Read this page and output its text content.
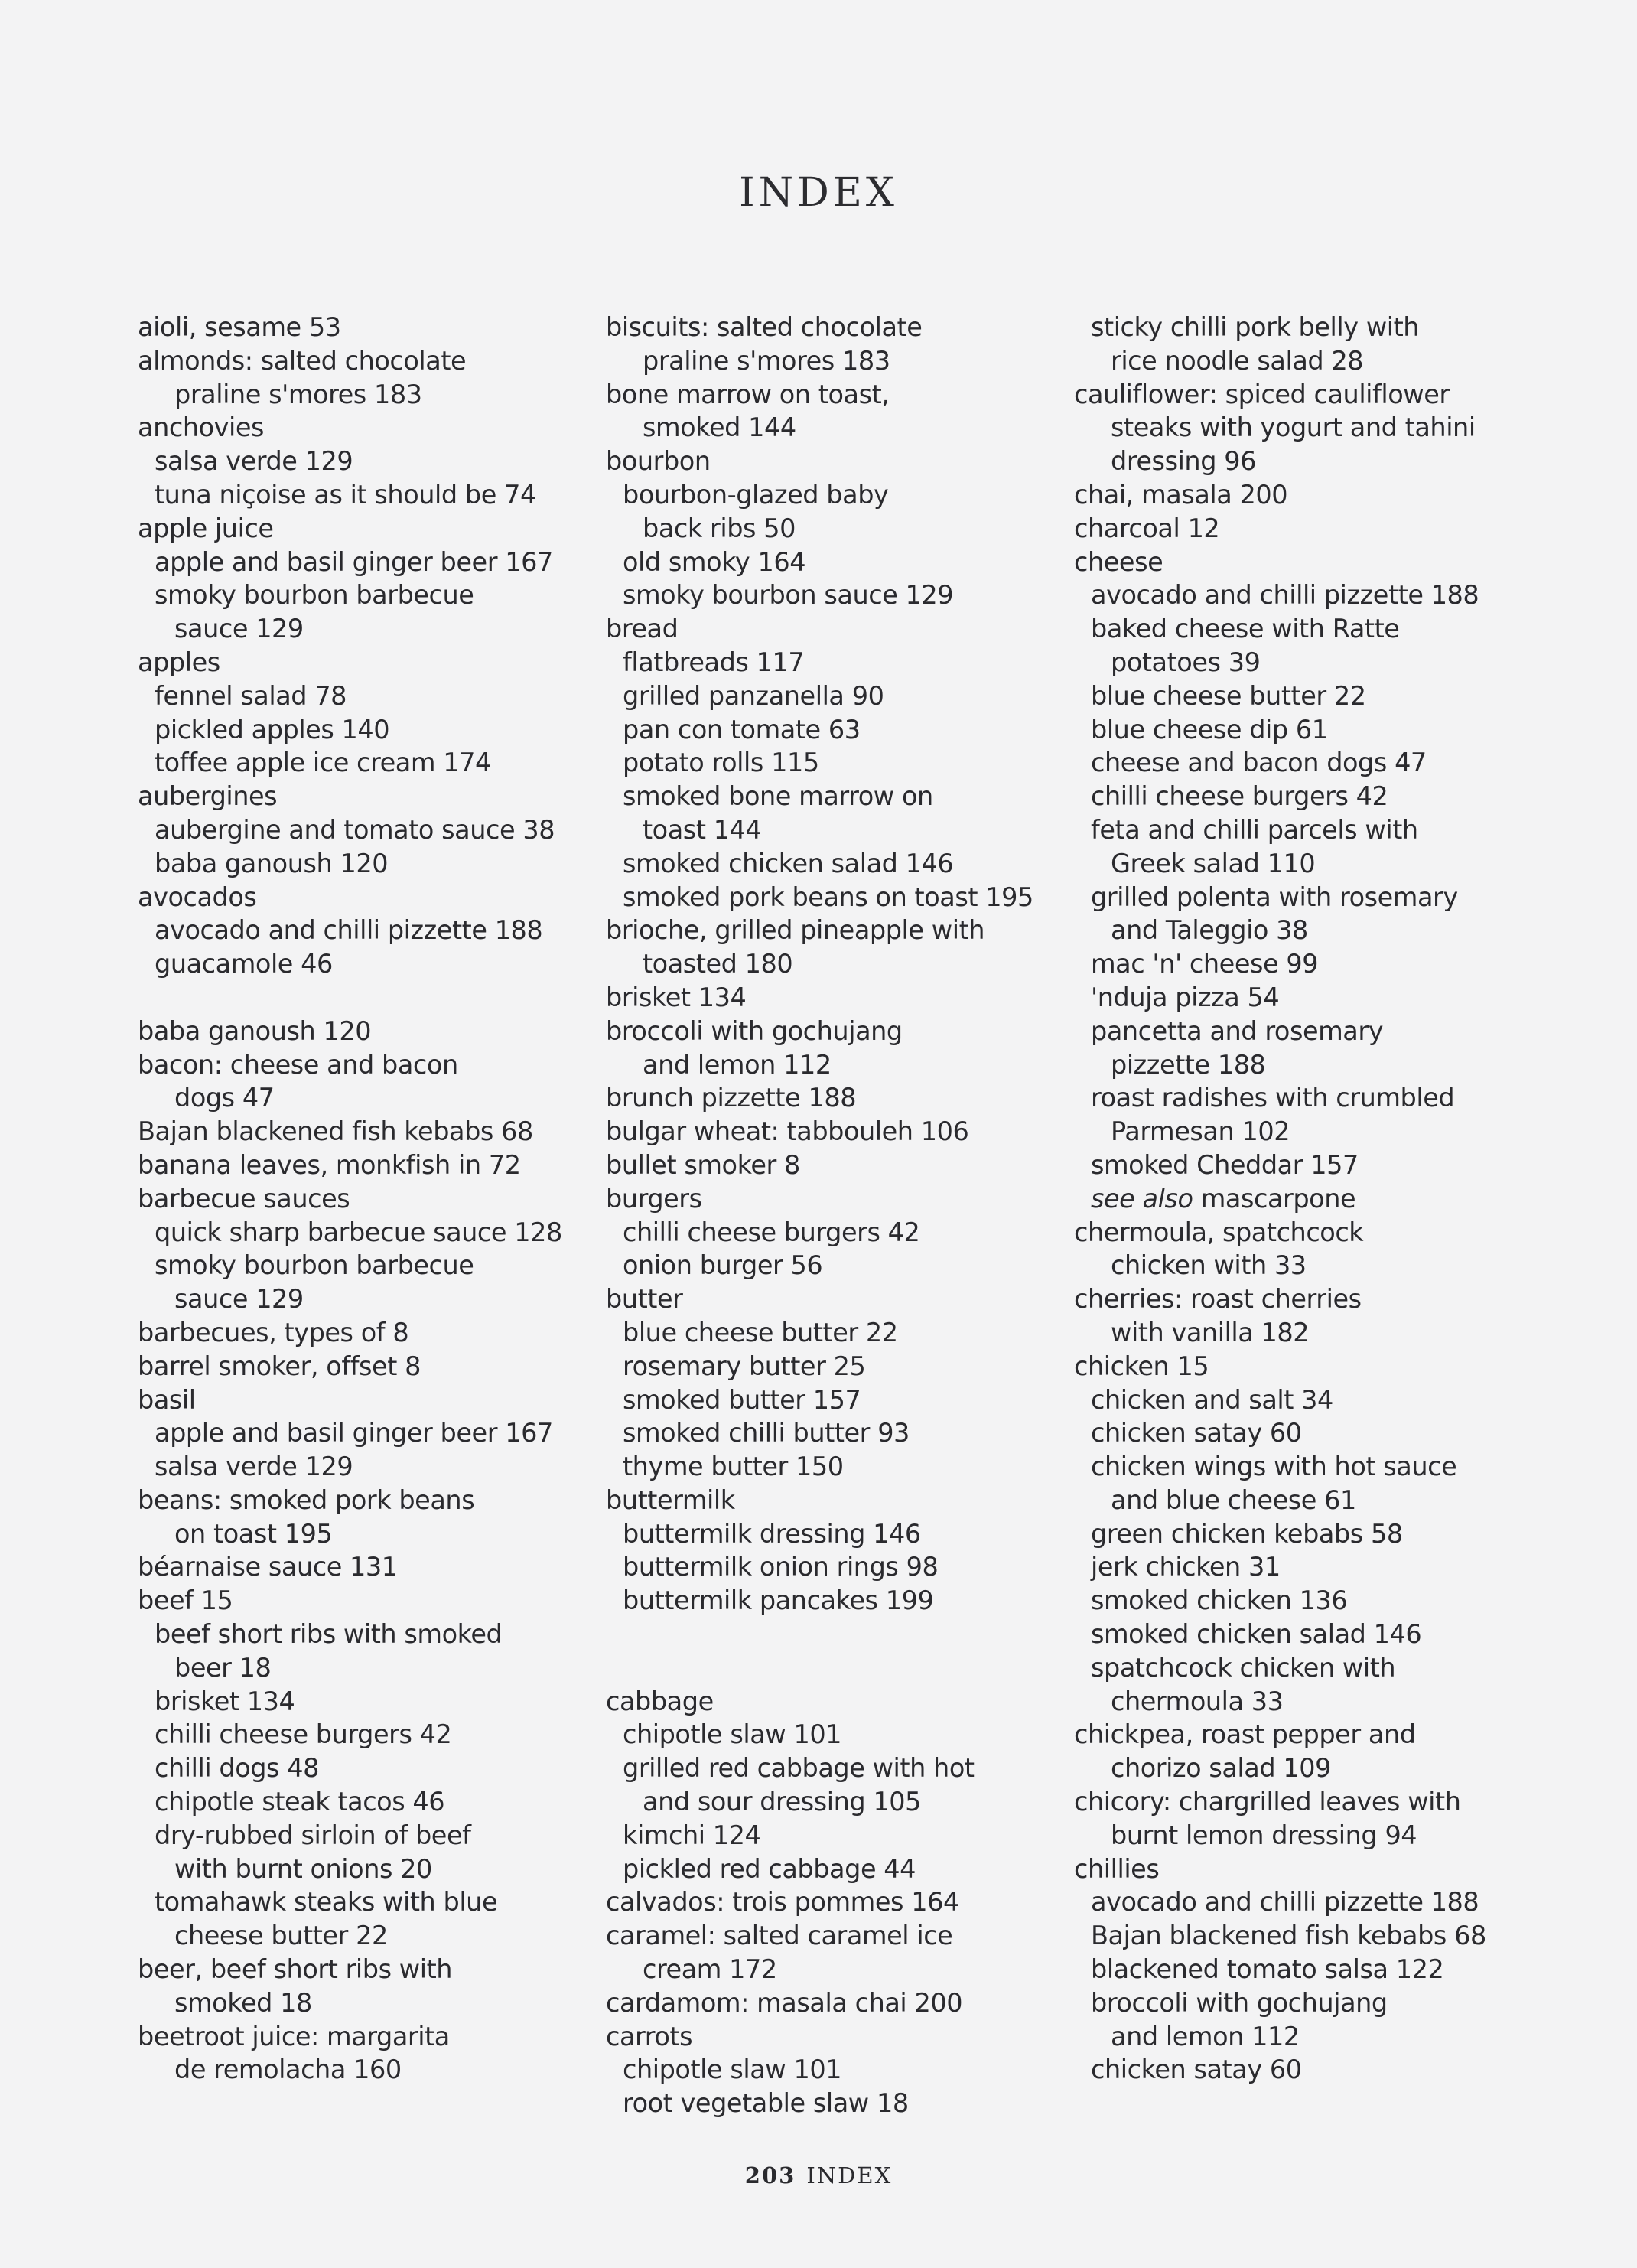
INDEX
aioli, sesame 53
almonds: salted chocolate
praline s'mores 183
anchovies
salsa verde 129
tuna niçoise as it should be 74
apple juice
apple and basil ginger beer 167
smoky bourbon barbecue
sauce 129
apples
fennel salad 78
pickled apples 140
toffee apple ice cream 174
aubergines
aubergine and tomato sauce 38
baba ganoush 120
avocados
avocado and chilli pizzette 188
guacamole 46
baba ganoush 120
bacon: cheese and bacon
dogs 47
Bajan blackened fish kebabs 68
banana leaves, monkfish in 72
barbecue sauces
quick sharp barbecue sauce 128
smoky bourbon barbecue
sauce 129
barbecues, types of 8
barrel smoker, offset 8
basil
apple and basil ginger beer 167
salsa verde 129
beans: smoked pork beans
on toast 195
béarnaise sauce 131
beef 15
beef short ribs with smoked
beer 18
brisket 134
chilli cheese burgers 42
chilli dogs 48
chipotle steak tacos 46
dry-rubbed sirloin of beef
with burnt onions 20
tomahawk steaks with blue
cheese butter 22
beer, beef short ribs with
smoked 18
beetroot juice: margarita
de remolacha 160
biscuits: salted chocolate
praline s'mores 183
bone marrow on toast,
smoked 144
bourbon
bourbon-glazed baby
back ribs 50
old smoky 164
smoky bourbon sauce 129
bread
flatbreads 117
grilled panzanella 90
pan con tomate 63
potato rolls 115
smoked bone marrow on
toast 144
smoked chicken salad 146
smoked pork beans on toast 195
brioche, grilled pineapple with
toasted 180
brisket 134
broccoli with gochujang
and lemon 112
brunch pizzette 188
bulgar wheat: tabbouleh 106
bullet smoker 8
burgers
chilli cheese burgers 42
onion burger 56
butter
blue cheese butter 22
rosemary butter 25
smoked butter 157
smoked chilli butter 93
thyme butter 150
buttermilk
buttermilk dressing 146
buttermilk onion rings 98
buttermilk pancakes 199
cabbage
chipotle slaw 101
grilled red cabbage with hot
and sour dressing 105
kimchi 124
pickled red cabbage 44
calvados: trois pommes 164
caramel: salted caramel ice
cream 172
cardamom: masala chai 200
carrots
chipotle slaw 101
root vegetable slaw 18
sticky chilli pork belly with
rice noodle salad 28
cauliflower: spiced cauliflower
steaks with yogurt and tahini
dressing 96
chai, masala 200
charcoal 12
cheese
avocado and chilli pizzette 188
baked cheese with Ratte
potatoes 39
blue cheese butter 22
blue cheese dip 61
cheese and bacon dogs 47
chilli cheese burgers 42
feta and chilli parcels with
Greek salad 110
grilled polenta with rosemary
and Taleggio 38
mac 'n' cheese 99
'nduja pizza 54
pancetta and rosemary
pizzette 188
roast radishes with crumbled
Parmesan 102
smoked Cheddar 157
see also mascarpone
chermoula, spatchcock
chicken with 33
cherries: roast cherries
with vanilla 182
chicken 15
chicken and salt 34
chicken satay 60
chicken wings with hot sauce
and blue cheese 61
green chicken kebabs 58
jerk chicken 31
smoked chicken 136
smoked chicken salad 146
spatchcock chicken with
chermoula 33
chickpea, roast pepper and
chorizo salad 109
chicory: chargrilled leaves with
burnt lemon dressing 94
chillies
avocado and chilli pizzette 188
Bajan blackened fish kebabs 68
blackened tomato salsa 122
broccoli with gochujang
and lemon 112
chicken satay 60
203 INDEX
